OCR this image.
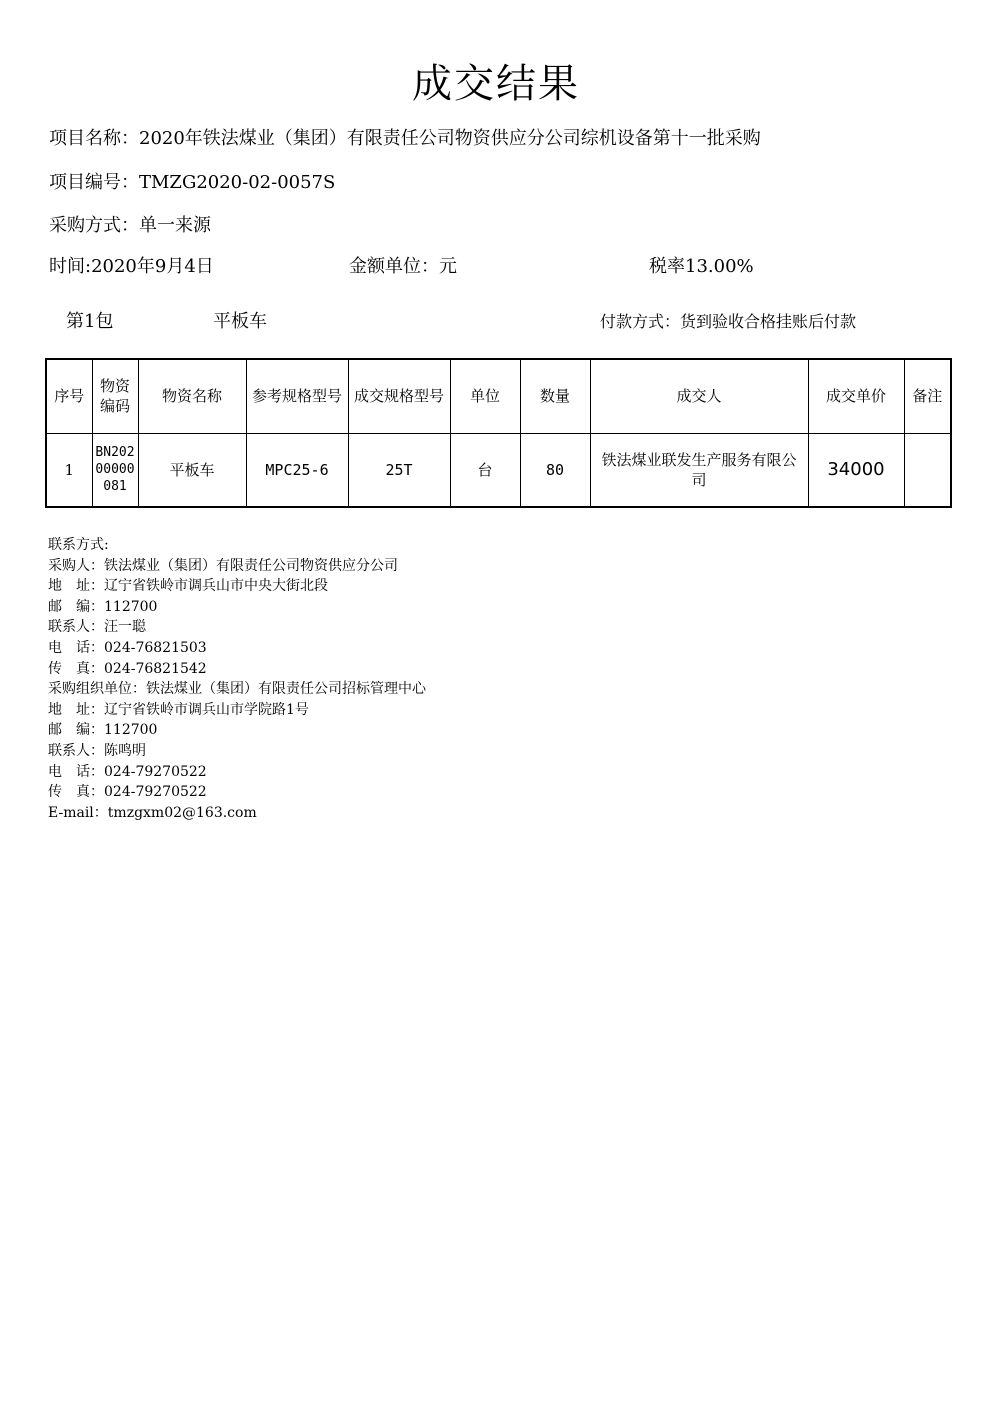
成交结果
项目名称：2020年铁法煤业（集团）有限责任公司物资供应分公司综机设备第十一批采购
项目编号：TMZG2020-02-0057S
采购方式：单一来源
时间:2020年9月4日	金额单位：元	税率13.00%
第1包	平板车	付款方式：货到验收合格挂账后付款
序号	物资编码	物资名称	参考规格型号	成交规格型号	单位	数量	成交人	成交单价	备注
1	BN20200000081	平板车	MPC25-6	25T	台	80	铁法煤业联发生产服务有限公司	34000	
联系方式:
采购人：铁法煤业（集团）有限责任公司物资供应分公司
地　址：辽宁省铁岭市调兵山市中央大街北段
邮　编：112700
联系人：汪一聪
电　话：024-76821503
传　真：024-76821542
采购组织单位：铁法煤业（集团）有限责任公司招标管理中心
地　址：辽宁省铁岭市调兵山市学院路1号
邮　编：112700
联系人：陈鸣明
电　话：024-79270522
传　真：024-79270522
E-mail：tmzgxm02@163.com
